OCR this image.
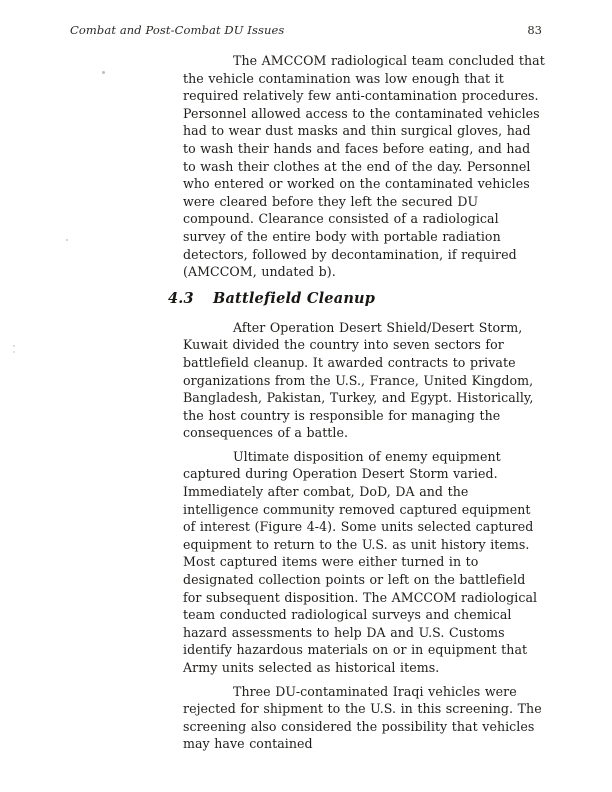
Combat and Post-Combat DU Issues	83

The AMCCOM radiological team concluded that the vehicle contamination was low enough that it required relatively few anti-contamination procedures. Personnel allowed access to the contaminated vehicles had to wear dust masks and thin surgical gloves, had to wash their hands and faces before eating, and had to wash their clothes at the end of the day. Personnel who entered or worked on the contaminated vehicles were cleared before they left the secured DU compound. Clearance consisted of a radiological survey of the entire body with portable radiation detectors, followed by decontamination, if required (AMCCOM, undated b).

4.3	Battlefield Cleanup

After Operation Desert Shield/Desert Storm, Kuwait divided the country into seven sectors for battlefield cleanup. It awarded contracts to private organizations from the U.S., France, United Kingdom, Bangladesh, Pakistan, Turkey, and Egypt. Historically, the host country is responsible for managing the consequences of a battle.

Ultimate disposition of enemy equipment captured during Operation Desert Storm varied. Immediately after combat, DoD, DA and the intelligence community removed captured equipment of interest (Figure 4-4). Some units selected captured equipment to return to the U.S. as unit history items. Most captured items were either turned in to designated collection points or left on the battlefield for subsequent disposition. The AMCCOM radiological team conducted radiological surveys and chemical hazard assessments to help DA and U.S. Customs identify hazardous materials on or in equipment that Army units selected as historical items.

Three DU-contaminated Iraqi vehicles were rejected for shipment to the U.S. in this screening. The screening also considered the possibility that vehicles may have contained
